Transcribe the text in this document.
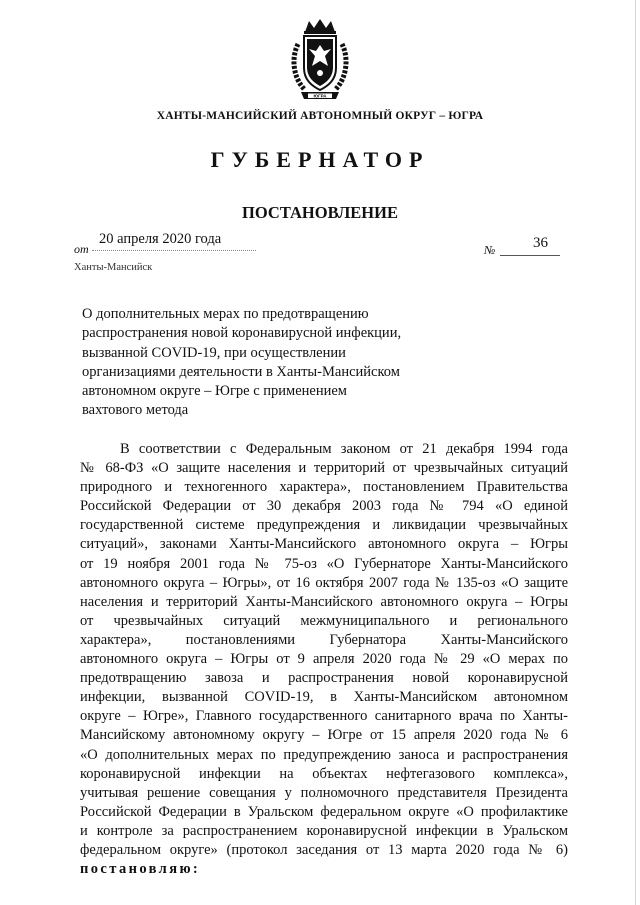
ЮГРА
ХАНТЫ-МАНСИЙСКИЙ АВТОНОМНЫЙ ОКРУГ – ЮГРА
ГУБЕРНАТОР
ПОСТАНОВЛЕНИЕ
от
20 апреля 2020 года
№	36
Ханты-Мансийск
О дополнительных мерах по предотвращению
распространения новой коронавирусной инфекции,
вызванной COVID-19, при осуществлении
организациями деятельности в Ханты-Мансийском
автономном округе – Югре с применением
вахтового метода
В соответствии с Федеральным законом от 21 декабря 1994 года
№ 68-ФЗ «О защите населения и территорий от чрезвычайных ситуаций
природного и техногенного характера», постановлением Правительства
Российской Федерации от 30 декабря 2003 года № 794 «О единой
государственной системе предупреждения и ликвидации чрезвычайных
ситуаций», законами Ханты-Мансийского автономного округа – Югры
от 19 ноября 2001 года № 75-оз «О Губернаторе Ханты-Мансийского
автономного округа – Югры», от 16 октября 2007 года № 135-оз «О защите
населения и территорий Ханты-Мансийского автономного округа – Югры
от чрезвычайных ситуаций межмуниципального и регионального
характера», постановлениями Губернатора Ханты-Мансийского
автономного округа – Югры от 9 апреля 2020 года № 29 «О мерах по
предотвращению завоза и распространения новой коронавирусной
инфекции, вызванной COVID-19, в Ханты-Мансийском автономном
округе – Югре», Главного государственного санитарного врача по Ханты-
Мансийскому автономному округу – Югре от 15 апреля 2020 года № 6
«О дополнительных мерах по предупреждению заноса и распространения
коронавирусной инфекции на объектах нефтегазового комплекса»,
учитывая решение совещания у полномочного представителя Президента
Российской Федерации в Уральском федеральном округе «О профилактике
и контроле за распространением коронавирусной инфекции в Уральском
федеральном округе» (протокол заседания от 13 марта 2020 года № 6)
постановляю:
